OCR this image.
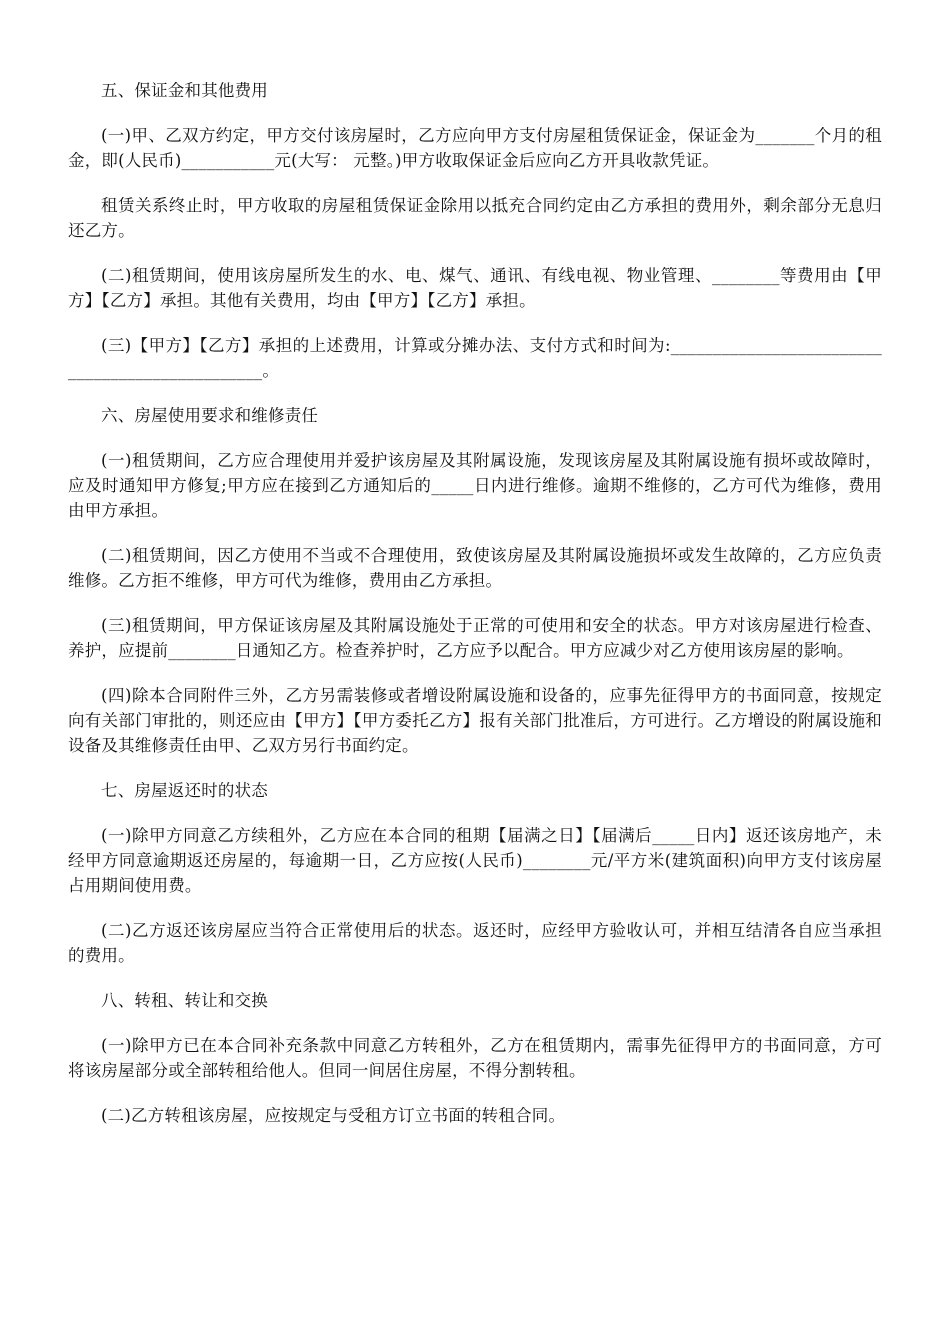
五、保证金和其他费用

(一)甲、乙双方约定，甲方交付该房屋时，乙方应向甲方支付房屋租赁保证金，保证金为_______个月的租金，即(人民币)___________元(大写： 元整。)甲方收取保证金后应向乙方开具收款凭证。

租赁关系终止时，甲方收取的房屋租赁保证金除用以抵充合同约定由乙方承担的费用外，剩余部分无息归还乙方。

(二)租赁期间，使用该房屋所发生的水、电、煤气、通讯、有线电视、物业管理、________等费用由【甲方】【乙方】承担。其他有关费用，均由【甲方】【乙方】承担。

(三)【甲方】【乙方】承担的上述费用，计算或分摊办法、支付方式和时间为:________________________________________________。

六、房屋使用要求和维修责任

(一)租赁期间，乙方应合理使用并爱护该房屋及其附属设施，发现该房屋及其附属设施有损坏或故障时，应及时通知甲方修复;甲方应在接到乙方通知后的_____日内进行维修。逾期不维修的，乙方可代为维修，费用由甲方承担。

(二)租赁期间，因乙方使用不当或不合理使用，致使该房屋及其附属设施损坏或发生故障的，乙方应负责维修。乙方拒不维修，甲方可代为维修，费用由乙方承担。

(三)租赁期间，甲方保证该房屋及其附属设施处于正常的可使用和安全的状态。甲方对该房屋进行检查、养护，应提前________日通知乙方。检查养护时，乙方应予以配合。甲方应减少对乙方使用该房屋的影响。

(四)除本合同附件三外，乙方另需装修或者增设附属设施和设备的，应事先征得甲方的书面同意，按规定向有关部门审批的，则还应由【甲方】【甲方委托乙方】报有关部门批准后，方可进行。乙方增设的附属设施和设备及其维修责任由甲、乙双方另行书面约定。

七、房屋返还时的状态

(一)除甲方同意乙方续租外，乙方应在本合同的租期【届满之日】【届满后_____日内】返还该房地产，未经甲方同意逾期返还房屋的，每逾期一日，乙方应按(人民币)________元/平方米(建筑面积)向甲方支付该房屋占用期间使用费。

(二)乙方返还该房屋应当符合正常使用后的状态。返还时，应经甲方验收认可，并相互结清各自应当承担的费用。

八、转租、转让和交换

(一)除甲方已在本合同补充条款中同意乙方转租外，乙方在租赁期内，需事先征得甲方的书面同意，方可将该房屋部分或全部转租给他人。但同一间居住房屋，不得分割转租。

(二)乙方转租该房屋，应按规定与受租方订立书面的转租合同。
